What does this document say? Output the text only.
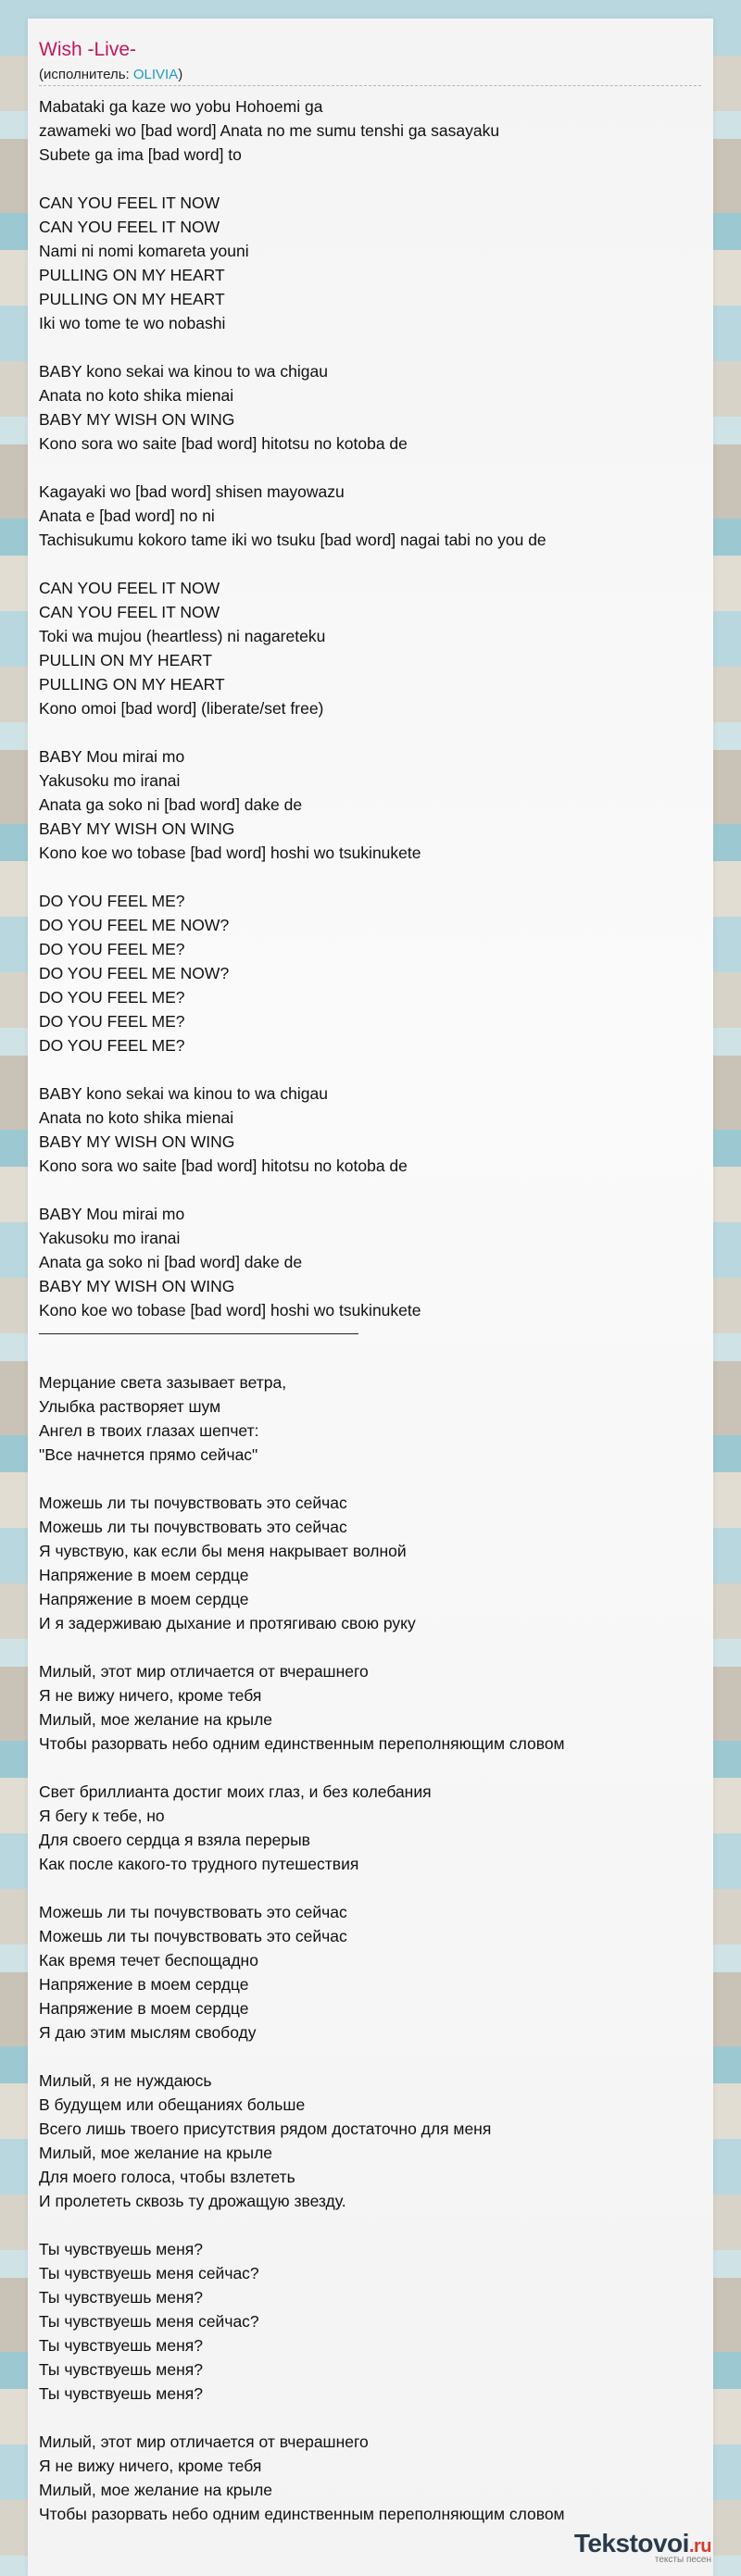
Wish -Live-
(исполнитель: OLIVIA)
Mabataki ga kaze wo yobu Hohoemi ga
zawameki wo [bad word] Anata no me sumu tenshi ga sasayaku
Subete ga ima [bad word] to
CAN YOU FEEL IT NOW
CAN YOU FEEL IT NOW
Nami ni nomi komareta youni
PULLING ON MY HEART
PULLING ON MY HEART
Iki wo tome te wo nobashi
BABY kono sekai wa kinou to wa chigau
Anata no koto shika mienai
BABY MY WISH ON WING
Kono sora wo saite [bad word] hitotsu no kotoba de
Kagayaki wo [bad word] shisen mayowazu
Anata e [bad word] no ni
Tachisukumu kokoro tame iki wo tsuku [bad word] nagai tabi no you de
CAN YOU FEEL IT NOW
CAN YOU FEEL IT NOW
Toki wa mujou (heartless) ni nagareteku
PULLIN ON MY HEART
PULLING ON MY HEART
Kono omoi [bad word] (liberate/set free)
BABY Mou mirai mo
Yakusoku mo iranai
Anata ga soko ni [bad word] dake de
BABY MY WISH ON WING
Kono koe wo tobase [bad word] hoshi wo tsukinukete
DO YOU FEEL ME?
DO YOU FEEL ME NOW?
DO YOU FEEL ME?
DO YOU FEEL ME NOW?
DO YOU FEEL ME?
DO YOU FEEL ME?
DO YOU FEEL ME?
BABY kono sekai wa kinou to wa chigau
Anata no koto shika mienai
BABY MY WISH ON WING
Kono sora wo saite [bad word] hitotsu no kotoba de
BABY Mou mirai mo
Yakusoku mo iranai
Anata ga soko ni [bad word] dake de
BABY MY WISH ON WING
Kono koe wo tobase [bad word] hoshi wo tsukinukete
Мерцание света зазывает ветра,
Улыбка растворяет шум
Ангел в твоих глазах шепчет:
"Все начнется прямо сейчас"
Можешь ли ты почувствовать это сейчас
Можешь ли ты почувствовать это сейчас
Я чувствую, как если бы меня накрывает волной
Напряжение в моем сердце
Напряжение в моем сердце
И я задерживаю дыхание и протягиваю свою руку
Милый, этот мир отличается от вчерашнего
Я не вижу ничего, кроме тебя
Милый, мое желание на крыле
Чтобы разорвать небо одним единственным переполняющим словом
Свет бриллианта достиг моих глаз, и без колебания
Я бегу к тебе, но
Для своего сердца я взяла перерыв
Как после какого-то трудного путешествия
Можешь ли ты почувствовать это сейчас
Можешь ли ты почувствовать это сейчас
Как время течет беспощадно
Напряжение в моем сердце
Напряжение в моем сердце
Я даю этим мыслям свободу
Милый, я не нуждаюсь
В будущем или обещаниях больше
Всего лишь твоего присутствия рядом достаточно для меня
Милый, мое желание на крыле
Для моего голоса, чтобы взлететь
И пролететь сквозь ту дрожащую звезду.
Ты чувствуешь меня?
Ты чувствуешь меня сейчас?
Ты чувствуешь меня?
Ты чувствуешь меня сейчас?
Ты чувствуешь меня?
Ты чувствуешь меня?
Ты чувствуешь меня?
Милый, этот мир отличается от вчерашнего
Я не вижу ничего, кроме тебя
Милый, мое желание на крыле
Чтобы разорвать небо одним единственным переполняющим словом
Tekstovoi.ru
тексты песен
